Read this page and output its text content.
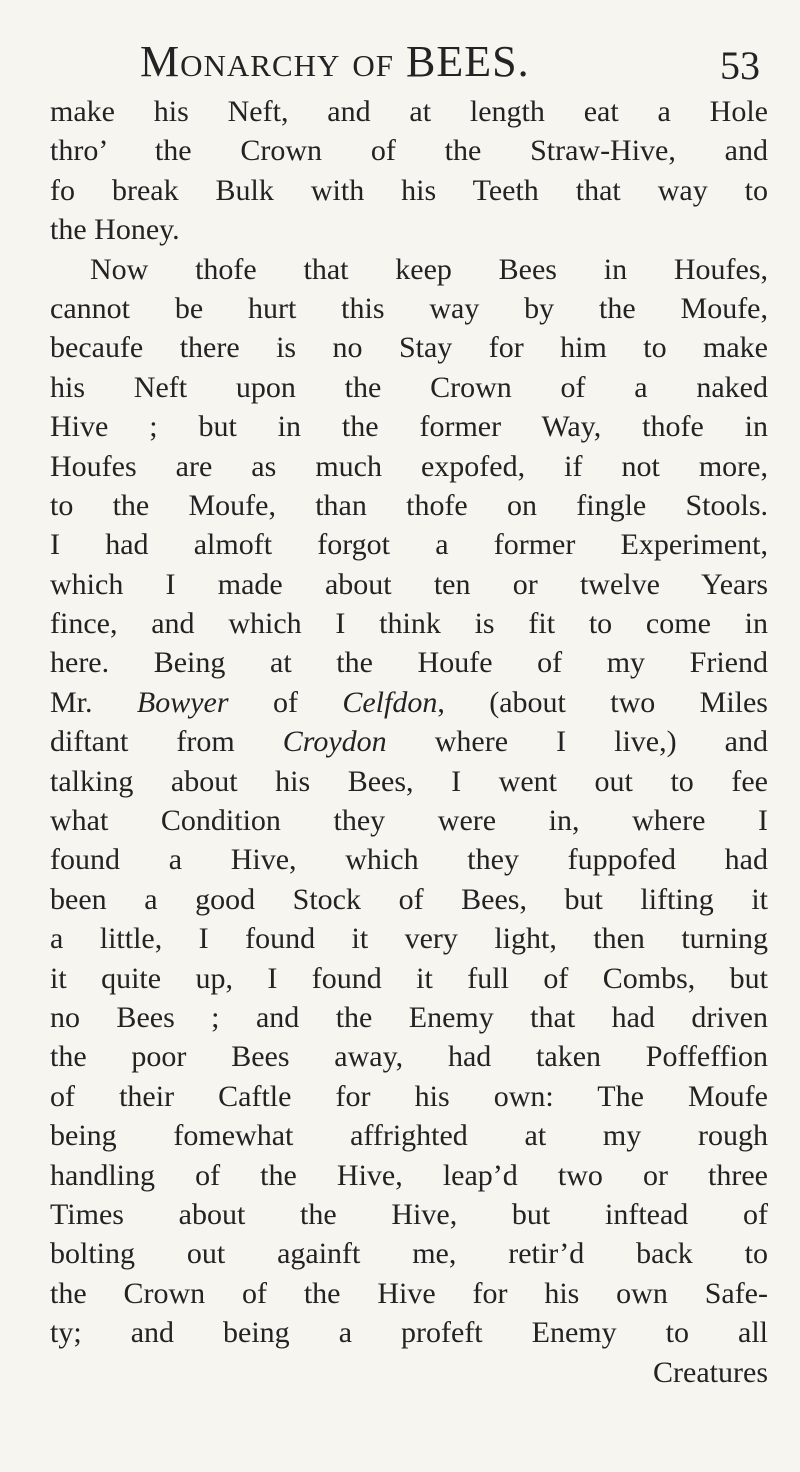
Monarchy of BEES.	53
make his Neft, and at length eat a Hole
thro’ the Crown of the Straw-Hive, and
fo break Bulk with his Teeth that way to
the Honey.
Now thofe that keep Bees in Houfes,
cannot be hurt this way by the Moufe,
becaufe there is no Stay for him to make
his Neft upon the Crown of a naked
Hive ; but in the former Way, thofe in
Houfes are as much expofed, if not more,
to the Moufe, than thofe on fingle Stools.
I had almoft forgot a former Experiment,
which I made about ten or twelve Years
fince, and which I think is fit to come in
here. Being at the Houfe of my Friend
Mr. Bowyer of Celfdon, (about two Miles
diftant from Croydon where I live,) and
talking about his Bees, I went out to fee
what Condition they were in, where I
found a Hive, which they fuppofed had
been a good Stock of Bees, but lifting it
a little, I found it very light, then turning
it quite up, I found it full of Combs, but
no Bees ; and the Enemy that had driven
the poor Bees away, had taken Poffeffion
of their Caftle for his own: The Moufe
being fomewhat affrighted at my rough
handling of the Hive, leap’d two or three
Times about the Hive, but inftead of
bolting out againft me, retir’d back to
the Crown of the Hive for his own Safe-
ty; and being a profeft Enemy to all
Creatures
